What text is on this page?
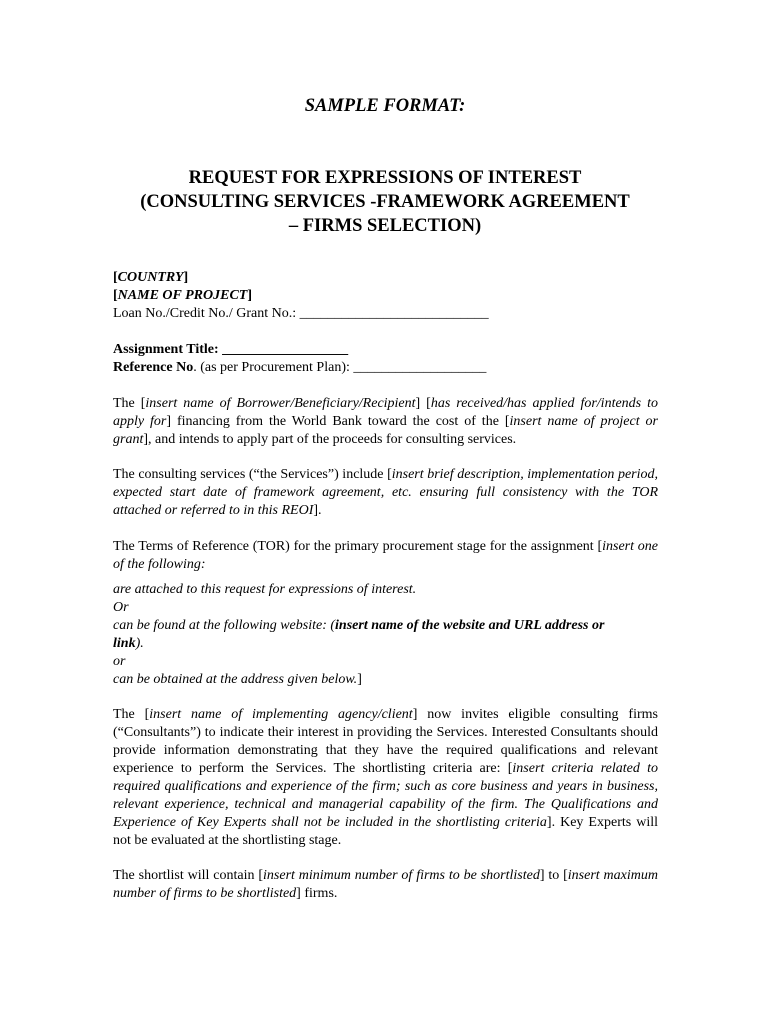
SAMPLE FORMAT:
REQUEST FOR EXPRESSIONS OF INTEREST
(CONSULTING SERVICES -FRAMEWORK AGREEMENT
– FIRMS SELECTION)
[COUNTRY]
[NAME OF PROJECT]
Loan No./Credit No./ Grant No.: ___________________________
Assignment Title: __________________
Reference No. (as per Procurement Plan): ___________________
The [insert name of Borrower/Beneficiary/Recipient] [has received/has applied for/intends to apply for] financing from the World Bank toward the cost of the [insert name of project or grant], and intends to apply part of the proceeds for consulting services.
The consulting services (“the Services”) include [insert brief description, implementation period, expected start date of framework agreement, etc. ensuring full consistency with the TOR attached or referred to in this REOI].
The Terms of Reference (TOR) for the primary procurement stage for the assignment [insert one of the following:
are attached to this request for expressions of interest.
Or
can be found at the following website: (insert name of the website and URL address or
link).
or
can be obtained at the address given below.]
The [insert name of implementing agency/client] now invites eligible consulting firms (“Consultants”) to indicate their interest in providing the Services. Interested Consultants should provide information demonstrating that they have the required qualifications and relevant experience to perform the Services. The shortlisting criteria are: [insert criteria related to required qualifications and experience of the firm; such as core business and years in business, relevant experience, technical and managerial capability of the firm. The Qualifications and Experience of Key Experts shall not be included in the shortlisting criteria]. Key Experts will not be evaluated at the shortlisting stage.
The shortlist will contain [insert minimum number of firms to be shortlisted] to [insert maximum number of firms to be shortlisted] firms.
